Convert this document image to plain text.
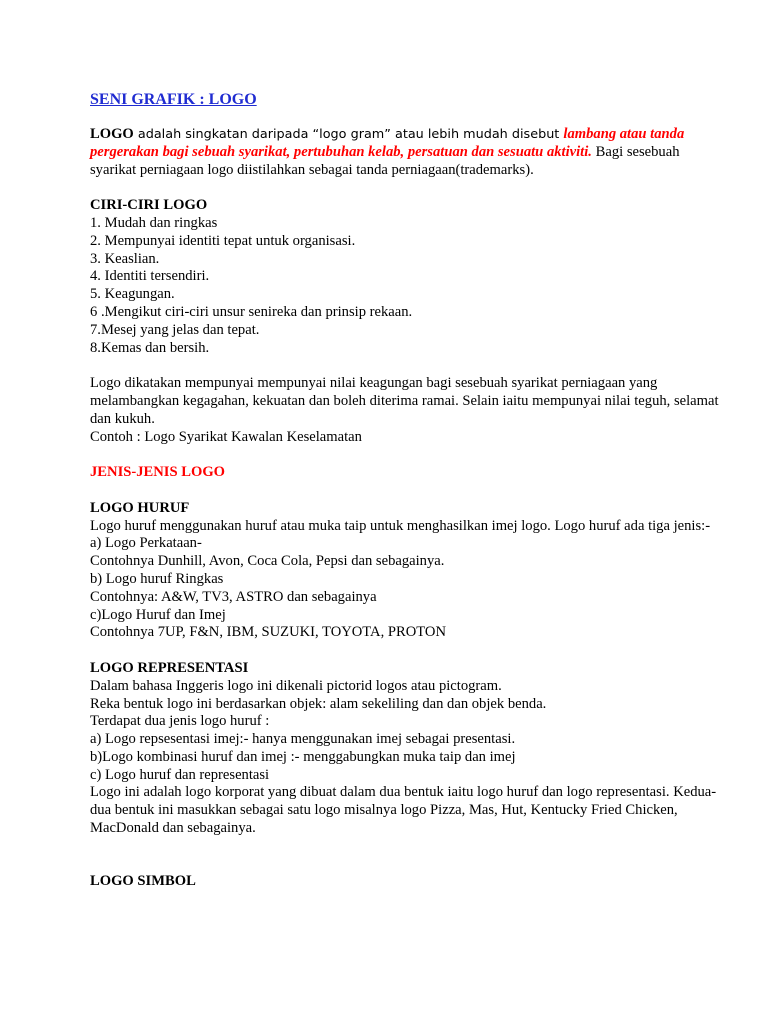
SENI GRAFIK : LOGO

LOGO adalah singkatan daripada “logo gram” atau lebih mudah disebut lambang atau tanda pergerakan bagi sebuah syarikat, pertubuhan kelab, persatuan dan sesuatu aktiviti. Bagi sesebuah syarikat perniagaan logo diistilahkan sebagai tanda perniagaan(trademarks).

CIRI-CIRI LOGO

1. Mudah dan ringkas
2. Mempunyai identiti tepat untuk organisasi.
3. Keaslian.
4. Identiti tersendiri.
5. Keagungan.
6 .Mengikut ciri-ciri unsur senireka dan prinsip rekaan.
7.Mesej yang jelas dan tepat.
8.Kemas dan bersih.

Logo dikatakan mempunyai mempunyai nilai keagungan bagi sesebuah syarikat perniagaan yang melambangkan kegagahan, kekuatan dan boleh diterima ramai. Selain iaitu mempunyai nilai teguh, selamat dan kukuh.

Contoh : Logo Syarikat Kawalan Keselamatan

JENIS-JENIS LOGO

LOGO HURUF

Logo huruf menggunakan huruf atau muka taip untuk menghasilkan imej logo. Logo huruf ada tiga jenis:-

a) Logo Perkataan-

Contohnya Dunhill, Avon, Coca Cola, Pepsi dan sebagainya.

b) Logo huruf Ringkas

Contohnya: A&W, TV3, ASTRO dan sebagainya

c)Logo Huruf dan Imej

Contohnya 7UP, F&N, IBM, SUZUKI, TOYOTA, PROTON

LOGO REPRESENTASI

Dalam bahasa Inggeris logo ini dikenali pictorid logos atau pictogram.

Reka bentuk logo ini berdasarkan objek: alam sekeliling dan dan objek benda.

Terdapat dua jenis logo huruf :

a) Logo repsesentasi imej:- hanya menggunakan imej sebagai presentasi.

b)Logo kombinasi huruf dan imej :- menggabungkan muka taip dan imej

c) Logo huruf dan representasi

Logo ini adalah logo korporat yang dibuat dalam dua bentuk iaitu logo huruf dan logo representasi. Kedua-dua bentuk ini masukkan sebagai satu logo misalnya logo Pizza, Mas, Hut, Kentucky Fried Chicken, MacDonald dan sebagainya.

LOGO SIMBOL
